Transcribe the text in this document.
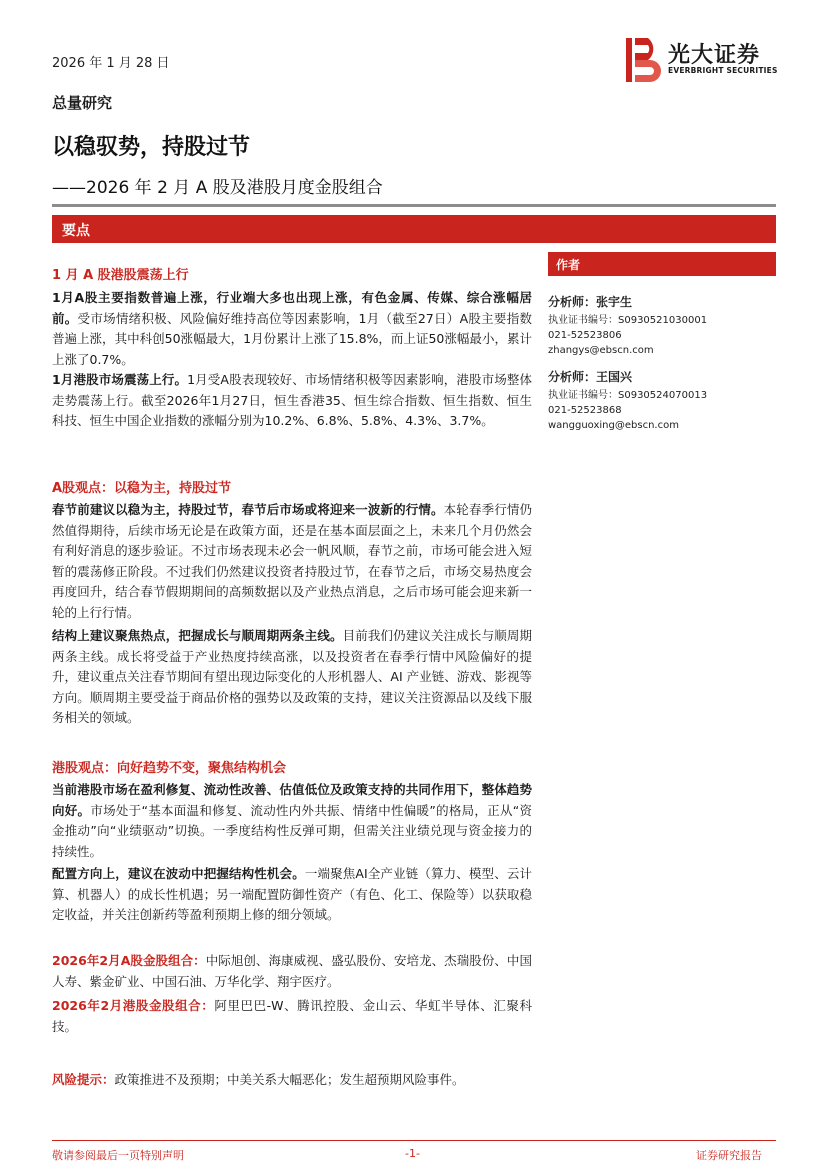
2026 年 1 月 28 日	光大证券
EVERBRIGHT SECURITIES
总量研究
以稳驭势，持股过节
——2026 年 2 月 A 股及港股月度金股组合
要点
作者
分析师：张宇生
执业证书编号：S0930521030001
021-52523806
zhangys@ebscn.com
分析师：王国兴
执业证书编号：S0930524070013
021-52523868
wangguoxing@ebscn.com
1 月 A 股港股震荡上行
1月A股主要指数普遍上涨，行业端大多也出现上涨，有色金属、传媒、综合涨幅居前。受市场情绪积极、风险偏好维持高位等因素影响，1月（截至27日）A股主要指数普遍上涨，其中科创50涨幅最大，1月份累计上涨了15.8%，而上证50涨幅最小，累计上涨了0.7%。
1月港股市场震荡上行。1月受A股表现较好、市场情绪积极等因素影响，港股市场整体走势震荡上行。截至2026年1月27日，恒生香港35、恒生综合指数、恒生指数、恒生科技、恒生中国企业指数的涨幅分别为10.2%、6.8%、5.8%、4.3%、3.7%。
A股观点：以稳为主，持股过节
春节前建议以稳为主，持股过节，春节后市场或将迎来一波新的行情。本轮春季行情仍然值得期待，后续市场无论是在政策方面，还是在基本面层面之上，未来几个月仍然会有利好消息的逐步验证。不过市场表现未必会一帆风顺，春节之前，市场可能会进入短暂的震荡修正阶段。不过我们仍然建议投资者持股过节，在春节之后，市场交易热度会再度回升，结合春节假期期间的高频数据以及产业热点消息，之后市场可能会迎来新一轮的上行行情。
结构上建议聚焦热点，把握成长与顺周期两条主线。目前我们仍建议关注成长与顺周期两条主线。成长将受益于产业热度持续高涨，以及投资者在春季行情中风险偏好的提升，建议重点关注春节期间有望出现边际变化的人形机器人、AI 产业链、游戏、影视等方向。顺周期主要受益于商品价格的强势以及政策的支持，建议关注资源品以及线下服务相关的领域。
港股观点：向好趋势不变，聚焦结构机会
当前港股市场在盈利修复、流动性改善、估值低位及政策支持的共同作用下，整体趋势向好。市场处于“基本面温和修复、流动性内外共振、情绪中性偏暖”的格局，正从“资金推动”向“业绩驱动”切换。一季度结构性反弹可期，但需关注业绩兑现与资金接力的持续性。
配置方向上，建议在波动中把握结构性机会。一端聚焦AI全产业链（算力、模型、云计算、机器人）的成长性机遇；另一端配置防御性资产（有色、化工、保险等）以获取稳定收益，并关注创新药等盈利预期上修的细分领域。
2026年2月A股金股组合：中际旭创、海康威视、盛弘股份、安培龙、杰瑞股份、中国人寿、紫金矿业、中国石油、万华化学、翔宇医疗。
2026年2月港股金股组合：阿里巴巴-W、腾讯控股、金山云、华虹半导体、汇聚科技。
风险提示：政策推进不及预期；中美关系大幅恶化；发生超预期风险事件。
敬请参阅最后一页特别声明	-1-	证券研究报告
